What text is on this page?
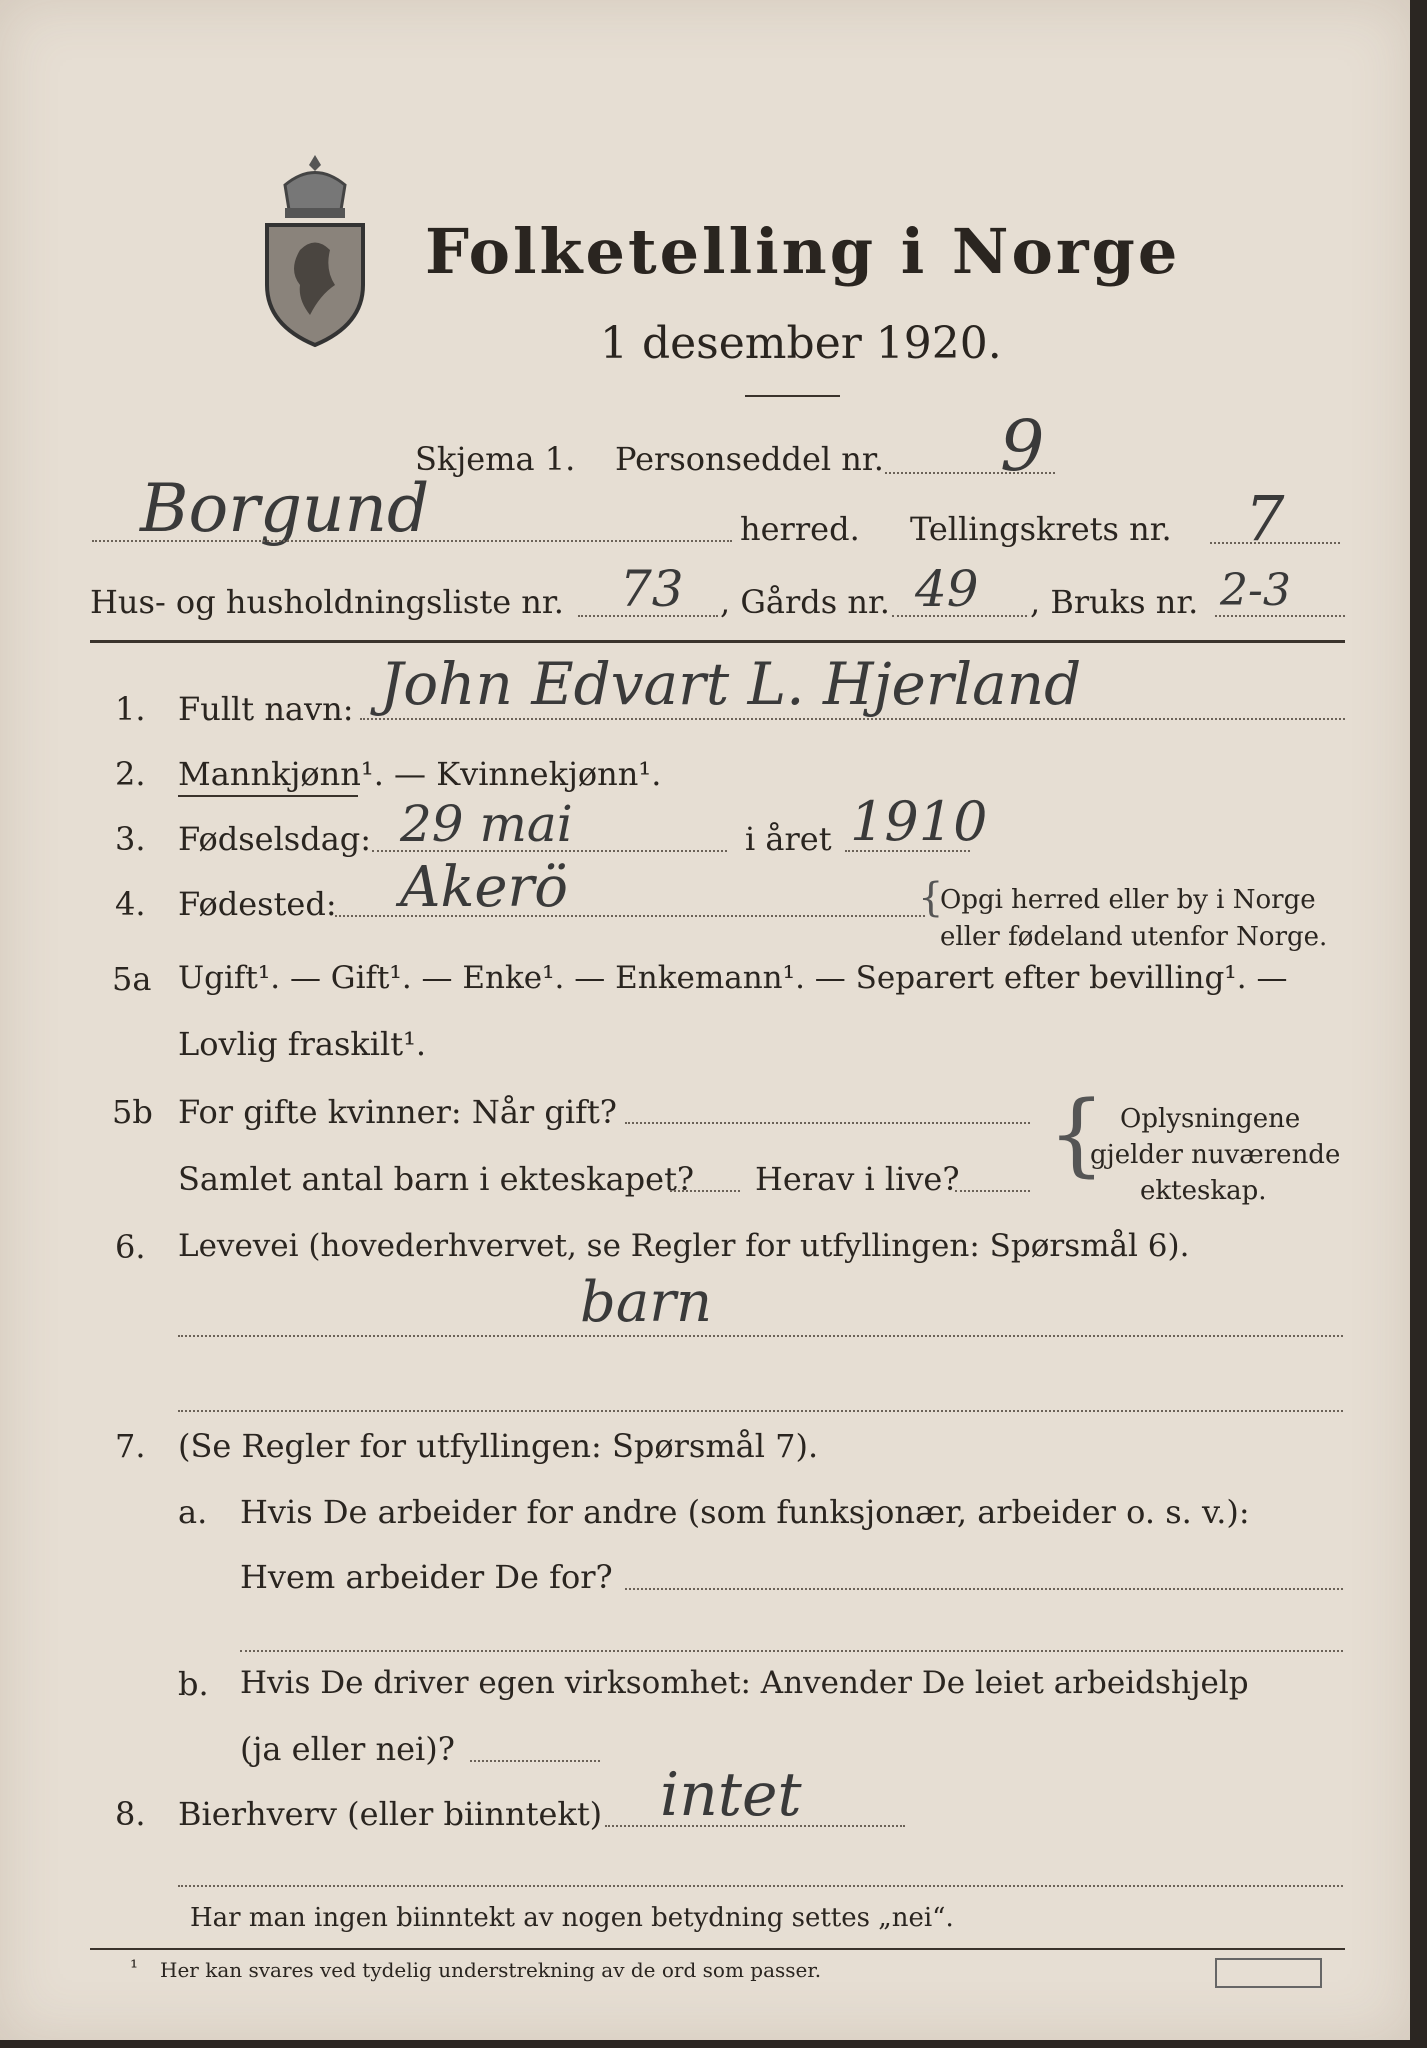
Folketelling i Norge
1 desember 1920.
Skjema 1. Personseddel nr. 9
Borgund	herred. Tellingskrets nr. 7
Hus- og husholdningsliste nr. 73 , Gårds nr. 49 , Bruks nr. 2-3
1. Fullt navn: John Edvart L. Hjerland
2. Mannkjønn¹. — Kvinnekjønn¹.
3. Fødselsdag: 29 mai	i året 1910
4. Fødested: Akerö	{
Opgi herred eller by i Norge
eller fødeland utenfor Norge.
5a Ugift¹. — Gift¹. — Enke¹. — Enkemann¹. — Separert efter bevilling¹. —
Lovlig fraskilt¹.
5b For gifte kvinner: Når gift?
Samlet antal barn i ekteskapet? Herav i live? { Oplysningene
gjelder nuværende
ekteskap.
6. Levevei (hovederhvervet, se Regler for utfyllingen: Spørsmål 6).
barn
7. (Se Regler for utfyllingen: Spørsmål 7).
a. Hvis De arbeider for andre (som funksjonær, arbeider o. s. v.):
Hvem arbeider De for?
b. Hvis De driver egen virksomhet: Anvender De leiet arbeidshjelp
(ja eller nei)?
8. Bierhverv (eller biinntekt) intet
Har man ingen biinntekt av nogen betydning settes „nei“.
¹ Her kan svares ved tydelig understrekning av de ord som passer.
